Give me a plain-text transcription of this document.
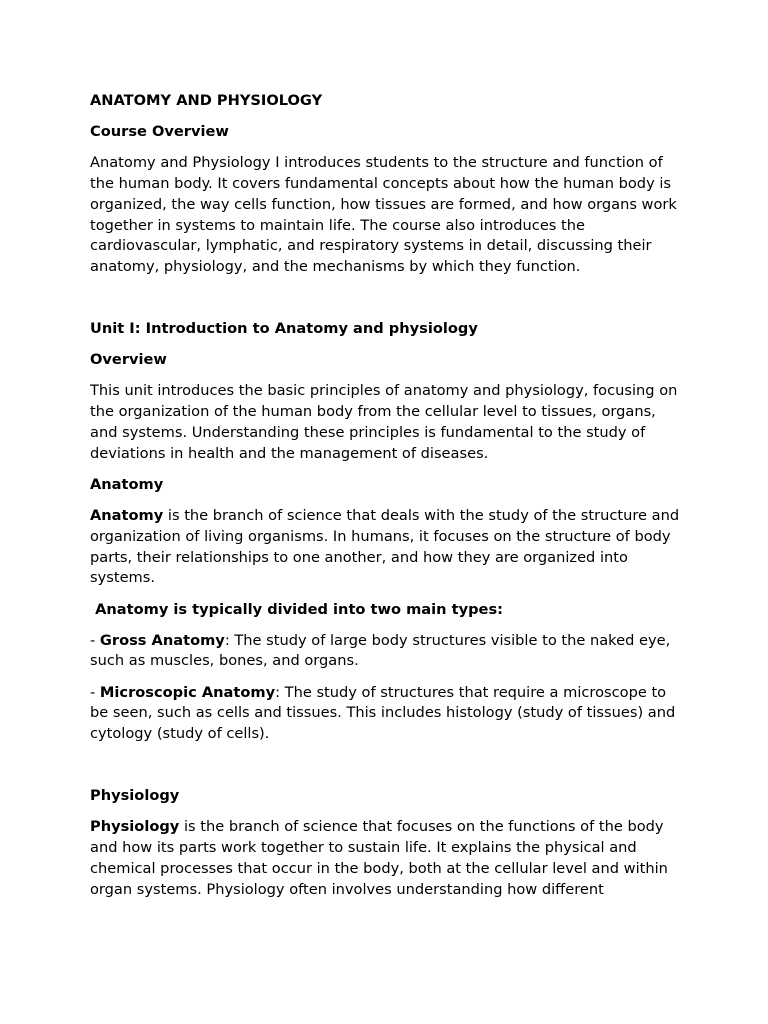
ANATOMY AND PHYSIOLOGY

Course Overview

Anatomy and Physiology I introduces students to the structure and function of the human body. It covers fundamental concepts about how the human body is organized, the way cells function, how tissues are formed, and how organs work together in systems to maintain life. The course also introduces the cardiovascular, lymphatic, and respiratory systems in detail, discussing their anatomy, physiology, and the mechanisms by which they function.

Unit I: Introduction to Anatomy and physiology

Overview

This unit introduces the basic principles of anatomy and physiology, focusing on the organization of the human body from the cellular level to tissues, organs, and systems. Understanding these principles is fundamental to the study of deviations in health and the management of diseases.

Anatomy

Anatomy is the branch of science that deals with the study of the structure and organization of living organisms. In humans, it focuses on the structure of body parts, their relationships to one another, and how they are organized into systems.

Anatomy is typically divided into two main types:

- Gross Anatomy: The study of large body structures visible to the naked eye, such as muscles, bones, and organs.

- Microscopic Anatomy: The study of structures that require a microscope to be seen, such as cells and tissues. This includes histology (study of tissues) and cytology (study of cells).

Physiology

Physiology is the branch of science that focuses on the functions of the body and how its parts work together to sustain life. It explains the physical and chemical processes that occur in the body, both at the cellular level and within organ systems. Physiology often involves understanding how different
